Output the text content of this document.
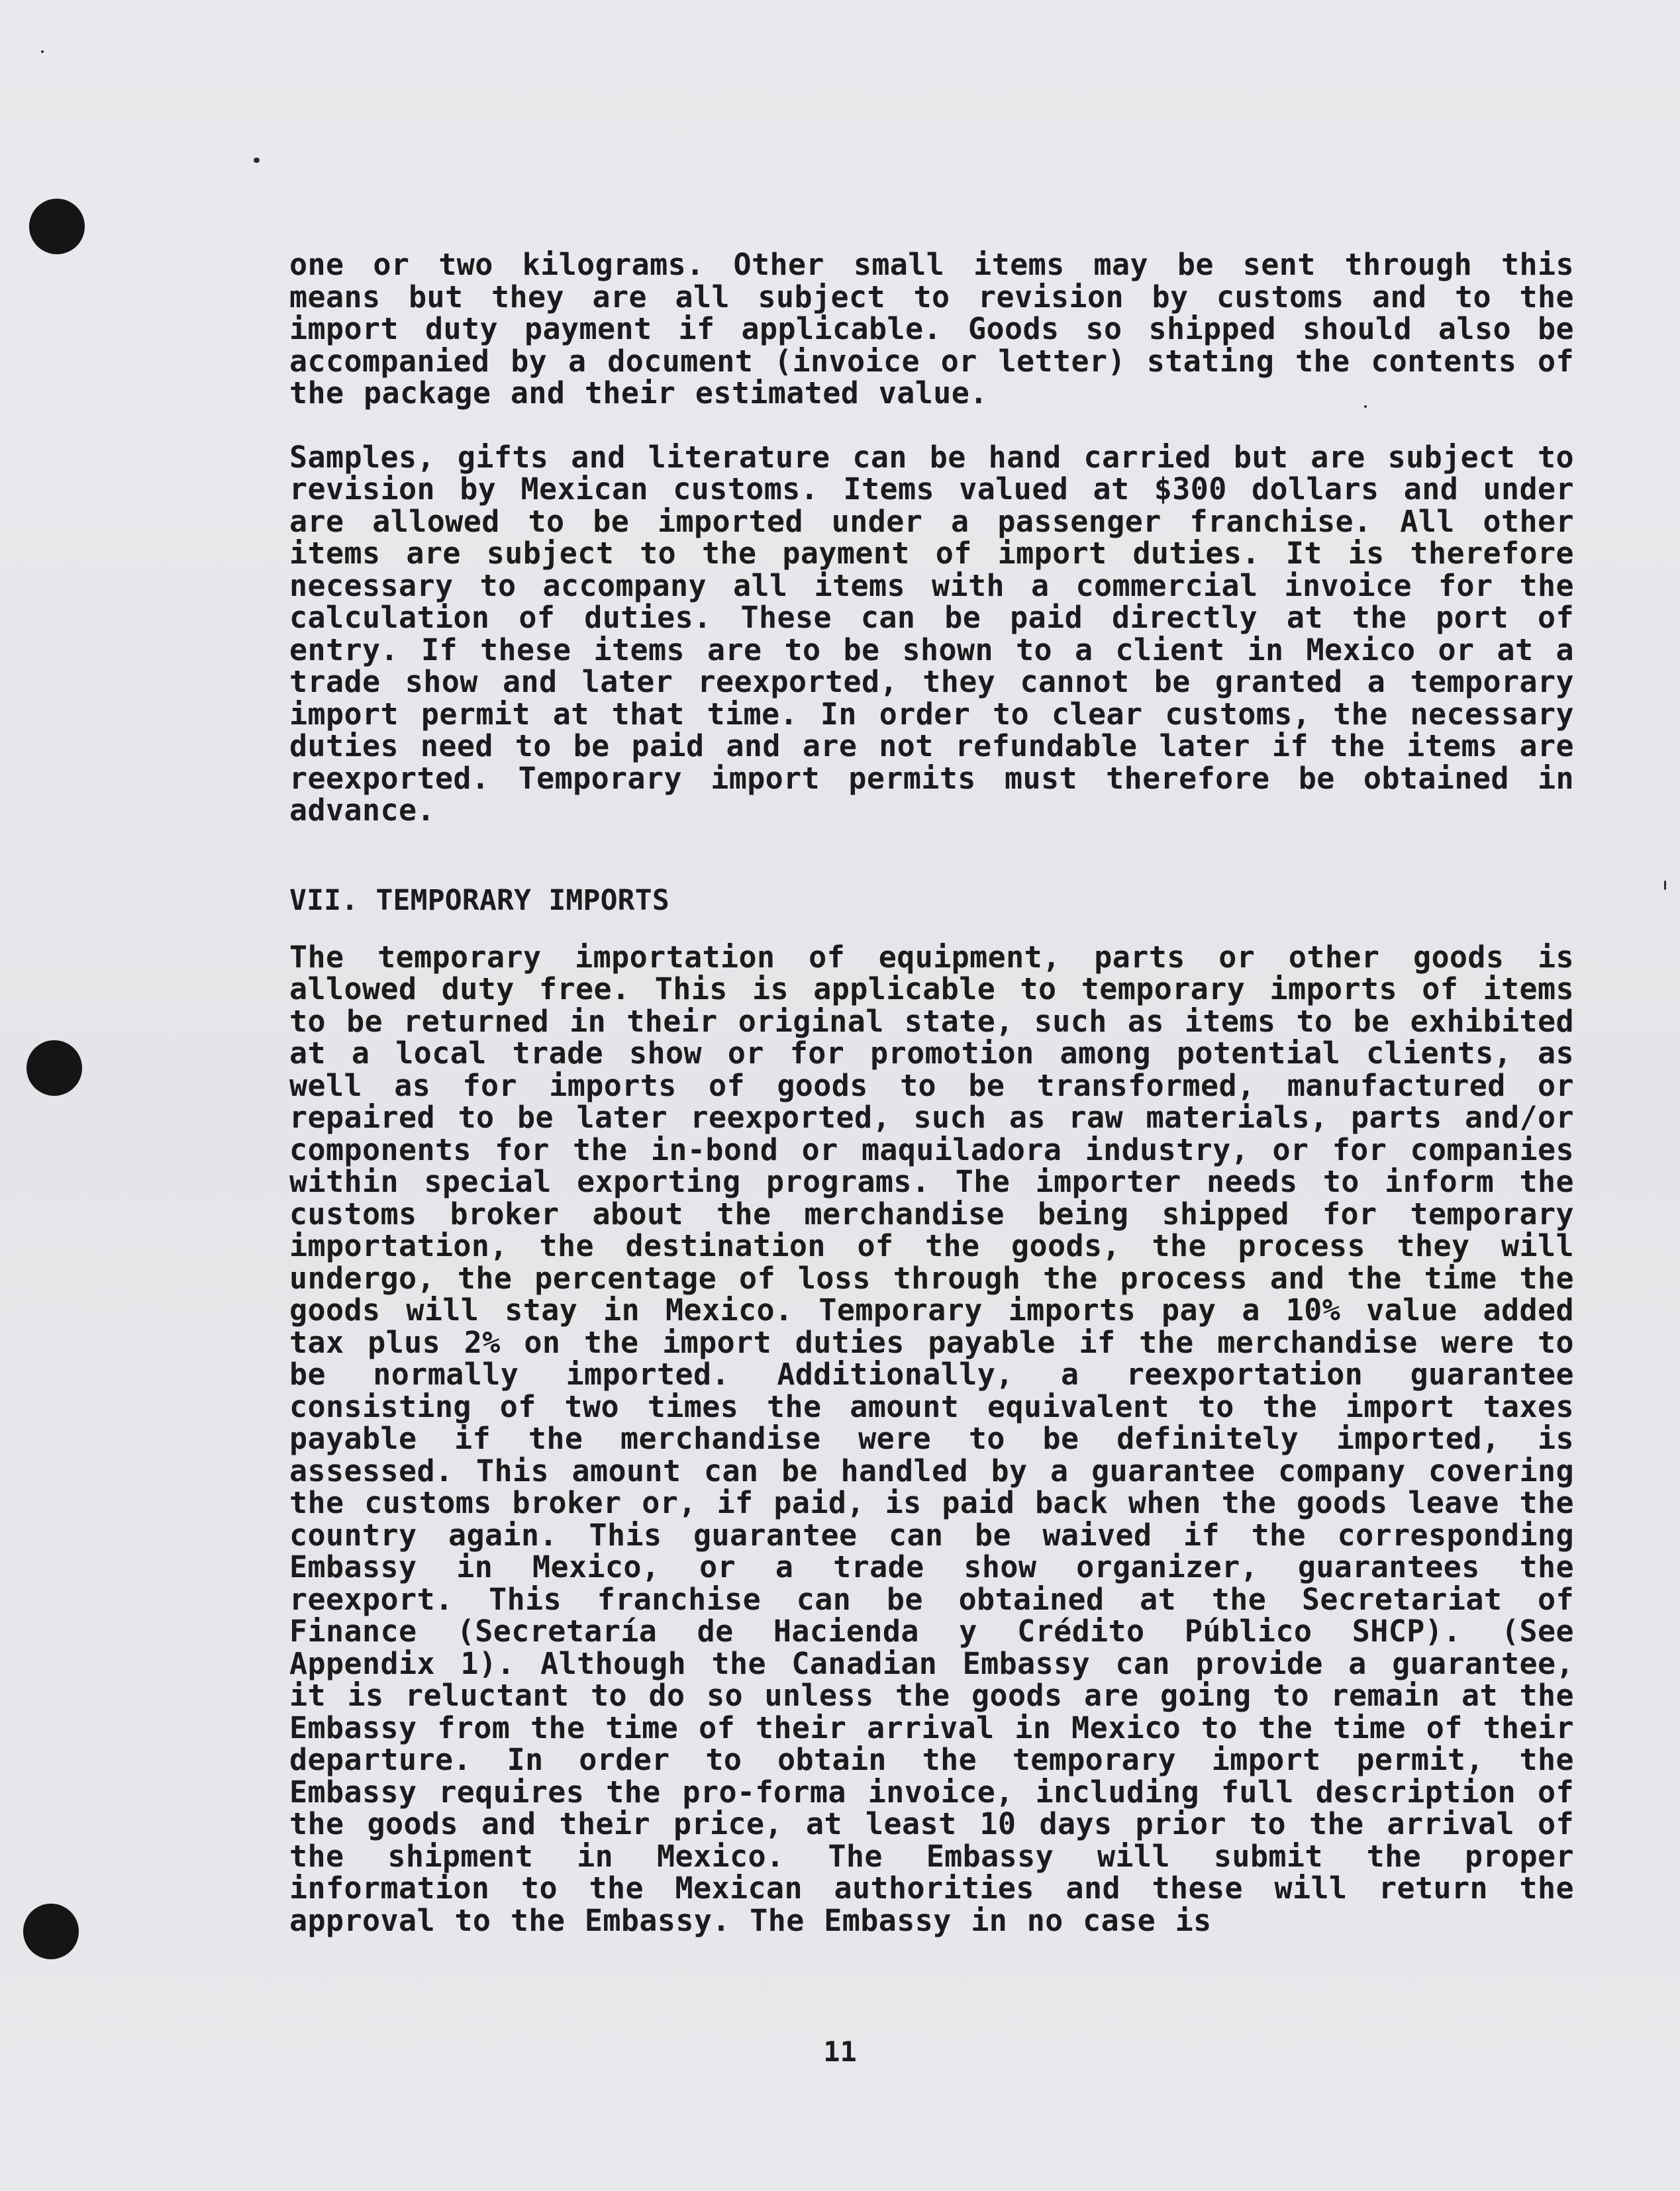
one or two kilograms. Other small items may be sent through this means but they are all subject to revision by customs and to the import duty payment if applicable. Goods so shipped should also be accompanied by a document (invoice or letter) stating the contents of the package and their estimated value.

Samples, gifts and literature can be hand carried but are subject to revision by Mexican customs. Items valued at $300 dollars and under are allowed to be imported under a passenger franchise. All other items are subject to the payment of import duties. It is therefore necessary to accompany all items with a commercial invoice for the calculation of duties. These can be paid directly at the port of entry. If these items are to be shown to a client in Mexico or at a trade show and later reexported, they cannot be granted a temporary import permit at that time. In order to clear customs, the necessary duties need to be paid and are not refundable later if the items are reexported. Temporary import permits must therefore be obtained in advance.

VII. TEMPORARY IMPORTS

The temporary importation of equipment, parts or other goods is allowed duty free. This is applicable to temporary imports of items to be returned in their original state, such as items to be exhibited at a local trade show or for promotion among potential clients, as well as for imports of goods to be transformed, manufactured or repaired to be later reexported, such as raw materials, parts and/or components for the in-bond or maquiladora industry, or for companies within special exporting programs. The importer needs to inform the customs broker about the merchandise being shipped for temporary importation, the destination of the goods, the process they will undergo, the percentage of loss through the process and the time the goods will stay in Mexico. Temporary imports pay a 10% value added tax plus 2% on the import duties payable if the merchandise were to be normally imported. Additionally, a reexportation guarantee consisting of two times the amount equivalent to the import taxes payable if the merchandise were to be definitely imported, is assessed. This amount can be handled by a guarantee company covering the customs broker or, if paid, is paid back when the goods leave the country again. This guarantee can be waived if the corresponding Embassy in Mexico, or a trade show organizer, guarantees the reexport. This franchise can be obtained at the Secretariat of Finance (Secretaría de Hacienda y Crédito Público SHCP). (See Appendix 1). Although the Canadian Embassy can provide a guarantee, it is reluctant to do so unless the goods are going to remain at the Embassy from the time of their arrival in Mexico to the time of their departure. In order to obtain the temporary import permit, the Embassy requires the pro-forma invoice, including full description of the goods and their price, at least 10 days prior to the arrival of the shipment in Mexico. The Embassy will submit the proper information to the Mexican authorities and these will return the approval to the Embassy. The Embassy in no case is

11
